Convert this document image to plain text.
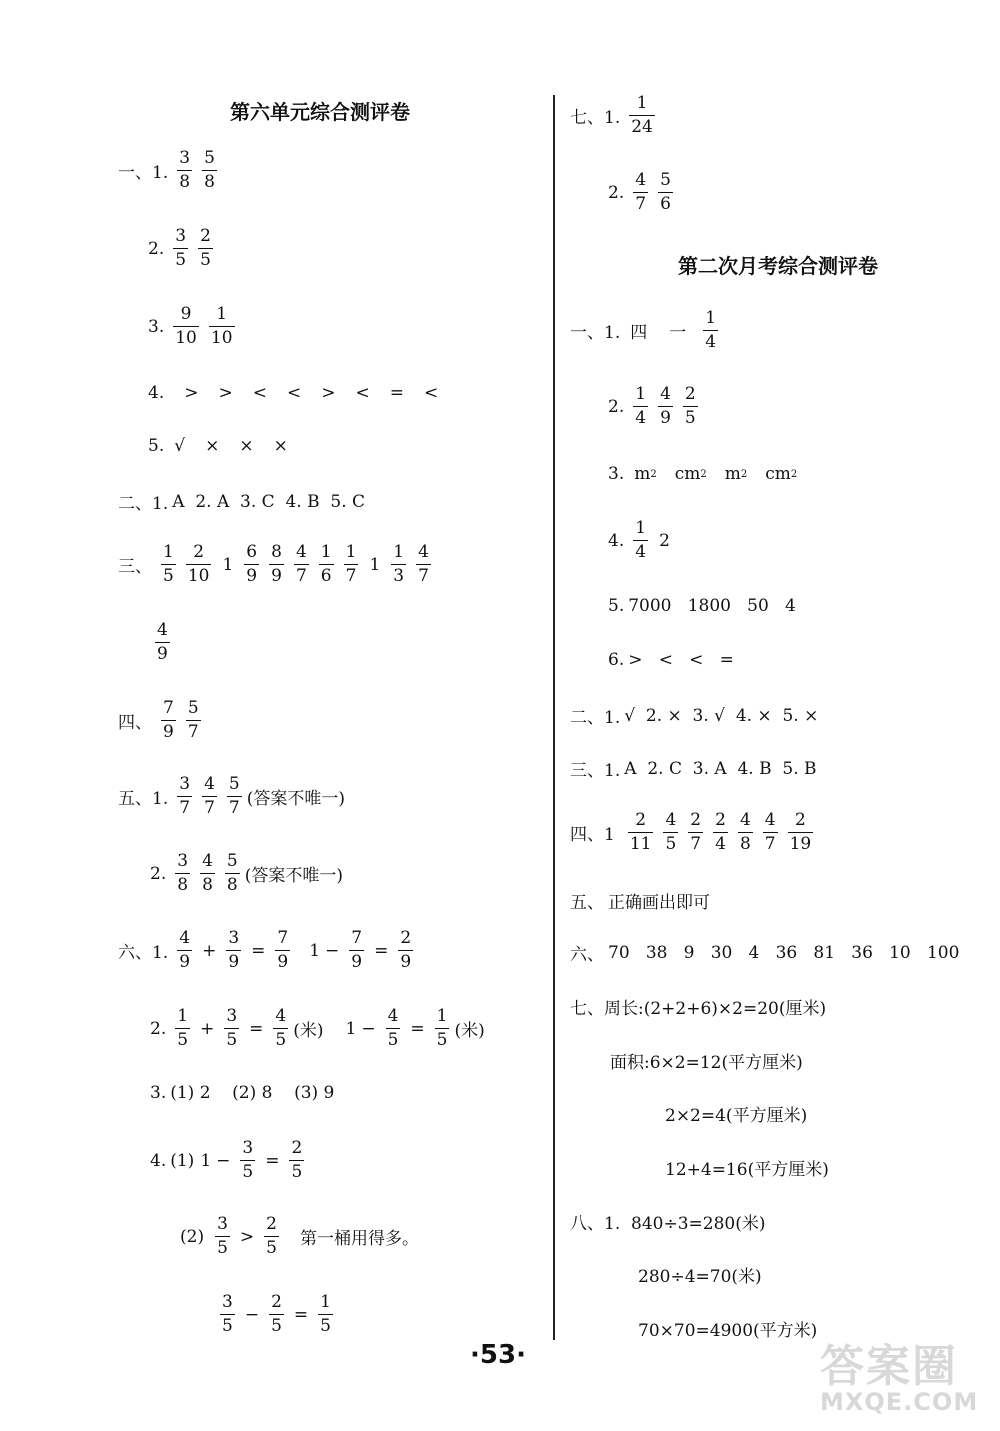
第六单元综合测评卷
一、1.
3
8
5
8
2.
3
5
2
5
3.
9
10
1
10
4. > > < < > < = <
5. √ × × ×
二、1. A  2. A  3. C  4. B  5. C
三、
1
5
2
10
1
6
9
8
9
4
7
1
6
1
7
1
1
3
4
7
4
9
四、
7
9
5
7
五、1.
3
7
4
7
5
7 (答案不唯一)
2.
3
8
4
8
5
8 (答案不唯一)
六、1.
4
9
+ $\frac{3}{9} = \frac{7}{9} 1 - \frac{7}{9} = \frac{2}{9}$
2.
1
5
+ $\frac{3}{5} = \frac{4}{5}$ (米) $1 - \frac{4}{5} = \frac{1}{5}$ (米)
3. (1) 2    (2) 8    (3) 9
4. (1) $1 - \frac{3}{5} = \frac{2}{5}$
(2)
3
5
>
2
5 第一桶用得多。
3
5
− $\frac{2}{5} = \frac{1}{5}$
七、1.
1
24
2.
4
7
5
6
第二次月考综合测评卷
一、1. 四 一
1
4
2.
1
4
4
9
2
5
3. m 2 cm 2 m 2 cm 2
4.
1
4
2
5. 7000   1800   50   4
6. >   <   <   =
二、1. √  2. ×  3. √  4. ×  5. ×
三、1. A  2. C  3. A  4. B  5. B
四、1
2
11
4
5
2
7
2
4
4
8
4
7
2
19
五、 正确画出即可
六、 70   38   9   30   4   36   81   36   10   100
七、周长:(2+2+6)×2=20(厘米)
面积:6×2=12(平方厘米)
2×2=4(平方厘米)
12+4=16(平方厘米)
八、1.  840÷3=280(米)
280÷4=70(米)
70×70=4900(平方米)
·53·	答案圈
MXQE.COM
